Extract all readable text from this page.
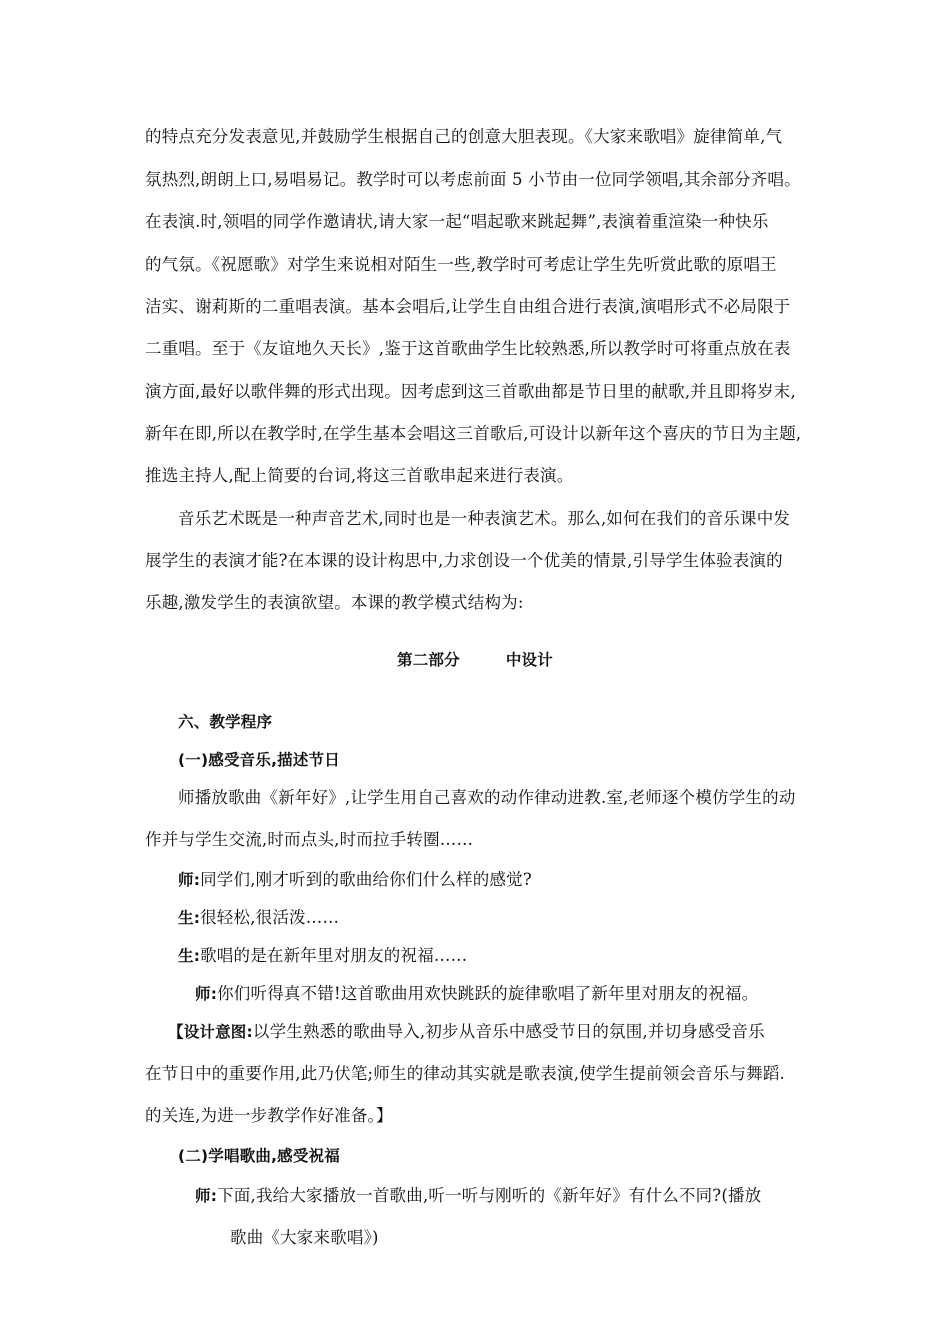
的特点充分发表意见,并鼓励学生根据自己的创意大胆表现。《大家来歌唱》旋律简单,气
氛热烈,朗朗上口,易唱易记。教学时可以考虑前面 5 小节由一位同学领唱,其余部分齐唱。
在表演.时,领唱的同学作邀请状,请大家一起“唱起歌来跳起舞”,表演着重渲染一种快乐
的气氛。《祝愿歌》对学生来说相对陌生一些,教学时可考虑让学生先听赏此歌的原唱王
洁实、谢莉斯的二重唱表演。基本会唱后,让学生自由组合进行表演,演唱形式不必局限于
二重唱。至于《友谊地久天长》,鉴于这首歌曲学生比较熟悉,所以教学时可将重点放在表
演方面,最好以歌伴舞的形式出现。因考虑到这三首歌曲都是节日里的献歌,并且即将岁末,
新年在即,所以在教学时,在学生基本会唱这三首歌后,可设计以新年这个喜庆的节日为主题,
推选主持人,配上简要的台词,将这三首歌串起来进行表演。
音乐艺术既是一种声音艺术,同时也是一种表演艺术。那么,如何在我们的音乐课中发
展学生的表演才能?在本课的设计构思中,力求创设一个优美的情景,引导学生体验表演的
乐趣,激发学生的表演欲望。本课的教学模式结构为:
第二部分	中设计
六、教学程序
(一)感受音乐,描述节日
师播放歌曲《新年好》,让学生用自己喜欢的动作律动进教.室,老师逐个模仿学生的动
作并与学生交流,时而点头,时而拉手转圈……
师:同学们,刚才听到的歌曲给你们什么样的感觉?
生:很轻松,很活泼……
生:歌唱的是在新年里对朋友的祝福……
师:你们听得真不错!这首歌曲用欢快跳跃的旋律歌唱了新年里对朋友的祝福。
【设计意图:以学生熟悉的歌曲导入,初步从音乐中感受节日的氛围,并切身感受音乐
在节日中的重要作用,此乃伏笔;师生的律动其实就是歌表演,使学生提前领会音乐与舞蹈.
的关连,为进一步教学作好准备。】
(二)学唱歌曲,感受祝福
师:下面,我给大家播放一首歌曲,听一听与刚听的《新年好》有什么不同?(播放
歌曲《大家来歌唱》)
